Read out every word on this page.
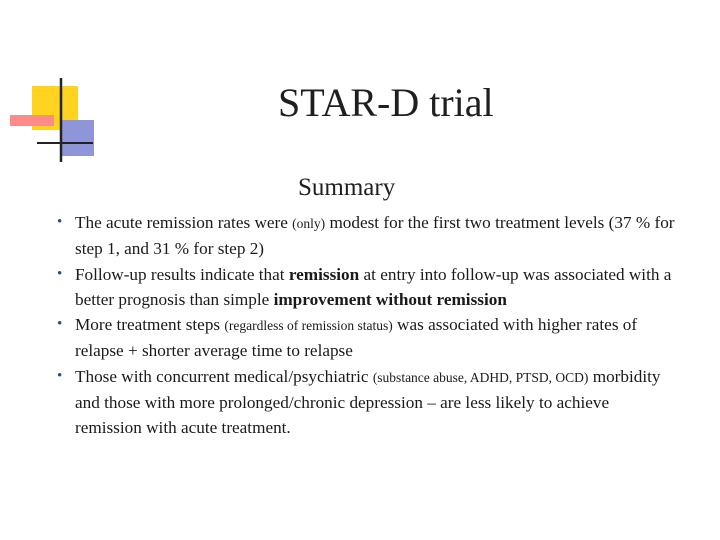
STAR-D trial
Summary
• The acute remission rates were (only) modest for the first two treatment levels (37 % for step 1, and 31 % for step 2)
• Follow-up results indicate that remission at entry into follow-up was associated with a better prognosis than simple improvement without remission
• More treatment steps (regardless of remission status) was associated with higher rates of relapse + shorter average time to relapse
• Those with concurrent medical/psychiatric (substance abuse, ADHD, PTSD, OCD) morbidity and those with more prolonged/chronic depression – are less likely to achieve remission with acute treatment.
